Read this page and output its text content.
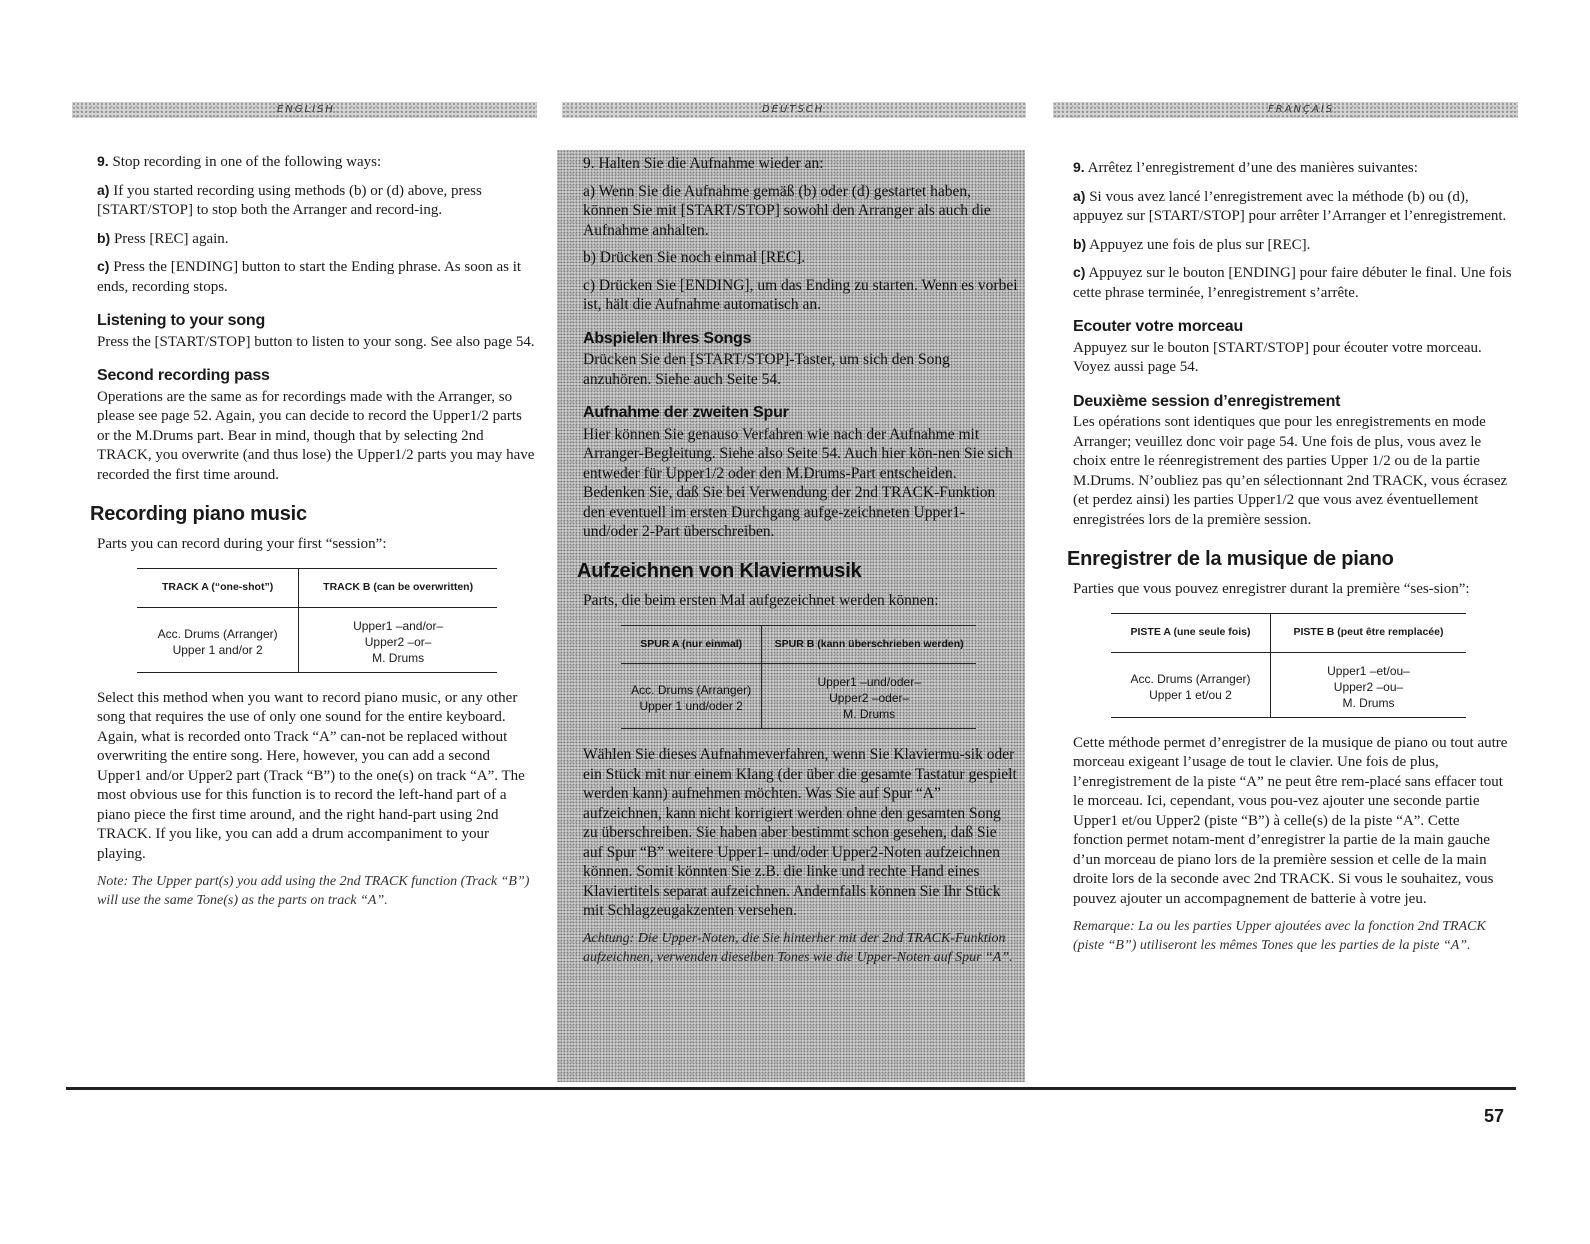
ENGLISH	DEUTSCH	FRANÇAIS

9. Stop recording in one of the following ways:

a) If you started recording using methods (b) or (d) above, press [START/STOP] to stop both the Arranger and record-ing.

b) Press [REC] again.

c) Press the [ENDING] button to start the Ending phrase. As soon as it ends, recording stops.

Listening to your song

Press the [START/STOP] button to listen to your song. See also page 54.

Second recording pass

Operations are the same as for recordings made with the Arranger, so please see page 52. Again, you can decide to record the Upper1/2 parts or the M.Drums part. Bear in mind, though that by selecting 2nd TRACK, you overwrite (and thus lose) the Upper1/2 parts you may have recorded the first time around.

Recording piano music

Parts you can record during your first “session”:

TRACK A (“one-shot”)	TRACK B (can be overwritten)
Acc. Drums (Arranger)
Upper 1 and/or 2	Upper1 –and/or–
Upper2 –or–
M. Drums

Select this method when you want to record piano music, or any other song that requires the use of only one sound for the entire keyboard. Again, what is recorded onto Track “A” can-not be replaced without overwriting the entire song. Here, however, you can add a second Upper1 and/or Upper2 part (Track “B”) to the one(s) on track “A”. The most obvious use for this function is to record the left-hand part of a piano piece the first time around, and the right hand-part using 2nd TRACK. If you like, you can add a drum accompaniment to your playing.

Note: The Upper part(s) you add using the 2nd TRACK function (Track “B”) will use the same Tone(s) as the parts on track “A”.

9. Halten Sie die Aufnahme wieder an:

a) Wenn Sie die Aufnahme gemäß (b) oder (d) gestartet haben, können Sie mit [START/STOP] sowohl den Arranger als auch die Aufnahme anhalten.

b) Drücken Sie noch einmal [REC].

c) Drücken Sie [ENDING], um das Ending zu starten. Wenn es vorbei ist, hält die Aufnahme automatisch an.

Abspielen Ihres Songs

Drücken Sie den [START/STOP]-Taster, um sich den Song anzuhören. Siehe auch Seite 54.

Aufnahme der zweiten Spur

Hier können Sie genauso Verfahren wie nach der Aufnahme mit Arranger-Begleitung. Siehe also Seite 54. Auch hier kön-nen Sie sich entweder für Upper1/2 oder den M.Drums-Part entscheiden. Bedenken Sie, daß Sie bei Verwendung der 2nd TRACK-Funktion den eventuell im ersten Durchgang aufge-zeichneten Upper1- und/oder 2-Part überschreiben.

Aufzeichnen von Klaviermusik

Parts, die beim ersten Mal aufgezeichnet werden können:

SPUR A (nur einmal)	SPUR B (kann überschrieben werden)
Acc. Drums (Arranger)
Upper 1 und/oder 2	Upper1 –und/oder–
Upper2 –oder–
M. Drums

Wählen Sie dieses Aufnahmeverfahren, wenn Sie Klaviermu-sik oder ein Stück mit nur einem Klang (der über die gesamte Tastatur gespielt werden kann) aufnehmen möchten. Was Sie auf Spur “A” aufzeichnen, kann nicht korrigiert werden ohne den gesamten Song zu überschreiben. Sie haben aber bestimmt schon gesehen, daß Sie auf Spur “B” weitere Upper1- und/oder Upper2-Noten aufzeichnen können. Somit könnten Sie z.B. die linke und rechte Hand eines Klaviertitels separat aufzeichnen. Andernfalls können Sie Ihr Stück mit Schlagzeugakzenten versehen.

Achtung: Die Upper-Noten, die Sie hinterher mit der 2nd TRACK-Funktion aufzeichnen, verwenden dieselben Tones wie die Upper-Noten auf Spur “A”.

9. Arrêtez l’enregistrement d’une des manières suivantes:

a) Si vous avez lancé l’enregistrement avec la méthode (b) ou (d), appuyez sur [START/STOP] pour arrêter l’Arranger et l’enregistrement.

b) Appuyez une fois de plus sur [REC].

c) Appuyez sur le bouton [ENDING] pour faire débuter le final. Une fois cette phrase terminée, l’enregistrement s’arrête.

Ecouter votre morceau

Appuyez sur le bouton [START/STOP] pour écouter votre morceau. Voyez aussi page 54.

Deuxième session d’enregistrement

Les opérations sont identiques que pour les enregistrements en mode Arranger; veuillez donc voir page 54. Une fois de plus, vous avez le choix entre le réenregistrement des parties Upper 1/2 ou de la partie M.Drums. N’oubliez pas qu’en sélectionnant 2nd TRACK, vous écrasez (et perdez ainsi) les parties Upper1/2 que vous avez éventuellement enregistrées lors de la première session.

Enregistrer de la musique de piano

Parties que vous pouvez enregistrer durant la première “ses-sion”:

PISTE A (une seule fois)	PISTE B (peut être remplacée)
Acc. Drums (Arranger)
Upper 1 et/ou 2	Upper1 –et/ou–
Upper2 –ou–
M. Drums

Cette méthode permet d’enregistrer de la musique de piano ou tout autre morceau exigeant l’usage de tout le clavier. Une fois de plus, l’enregistrement de la piste “A” ne peut être rem-placé sans effacer tout le morceau. Ici, cependant, vous pou-vez ajouter une seconde partie Upper1 et/ou Upper2 (piste “B”) à celle(s) de la piste “A”. Cette fonction permet notam-ment d’enregistrer la partie de la main gauche d’un morceau de piano lors de la première session et celle de la main droite lors de la seconde avec 2nd TRACK. Si vous le souhaitez, vous pouvez ajouter un accompagnement de batterie à votre jeu.

Remarque: La ou les parties Upper ajoutées avec la fonction 2nd TRACK (piste “B”) utiliseront les mêmes Tones que les parties de la piste “A”.

57
